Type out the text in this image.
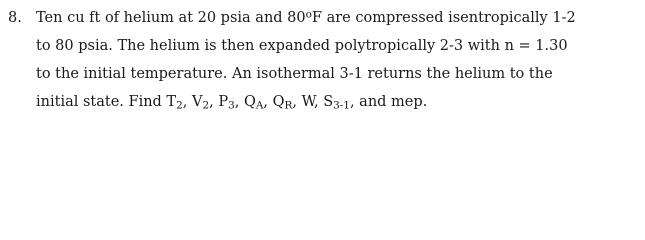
8. Ten cu ft of helium at 20 psia and 80$^o$F are compressed isentropically 1-2
to 80 psia. The helium is then expanded polytropically 2-3 with n = 1.30
to the initial temperature. An isothermal 3-1 returns the helium to the
initial state. Find $T_2$, $V_2$, $P_3$, $Q_A$, $Q_R$, W, $S_{3-1}$, and mep.
